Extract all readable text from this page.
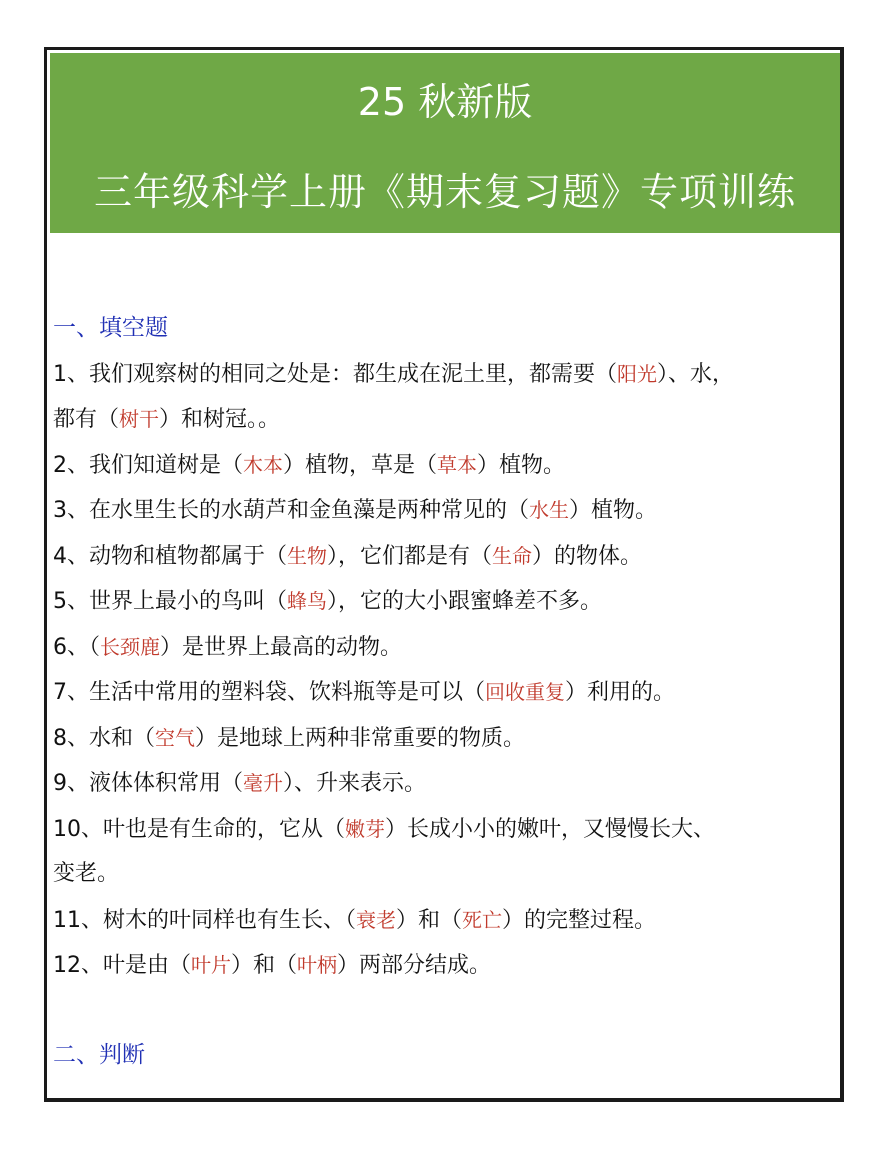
25 秋新版
三年级科学上册《期末复习题》专项训练
一、填空题
1、我们观察树的相同之处是：都生成在泥土里，都需要（阳光）、水，
都有（树干）和树冠。。
2、我们知道树是（木本）植物，草是（草本）植物。
3、在水里生长的水葫芦和金鱼藻是两种常见的（水生）植物。
4、动物和植物都属于（生物），它们都是有（生命）的物体。
5、世界上最小的鸟叫（蜂鸟），它的大小跟蜜蜂差不多。
6、（长颈鹿）是世界上最高的动物。
7、生活中常用的塑料袋、饮料瓶等是可以（回收重复）利用的。
8、水和（空气）是地球上两种非常重要的物质。
9、液体体积常用（毫升）、升来表示。
10、叶也是有生命的，它从（嫩芽）长成小小的嫩叶，又慢慢长大、
变老。
11、树木的叶同样也有生长、（衰老）和（死亡）的完整过程。
12、叶是由（叶片）和（叶柄）两部分结成。
二、判断
